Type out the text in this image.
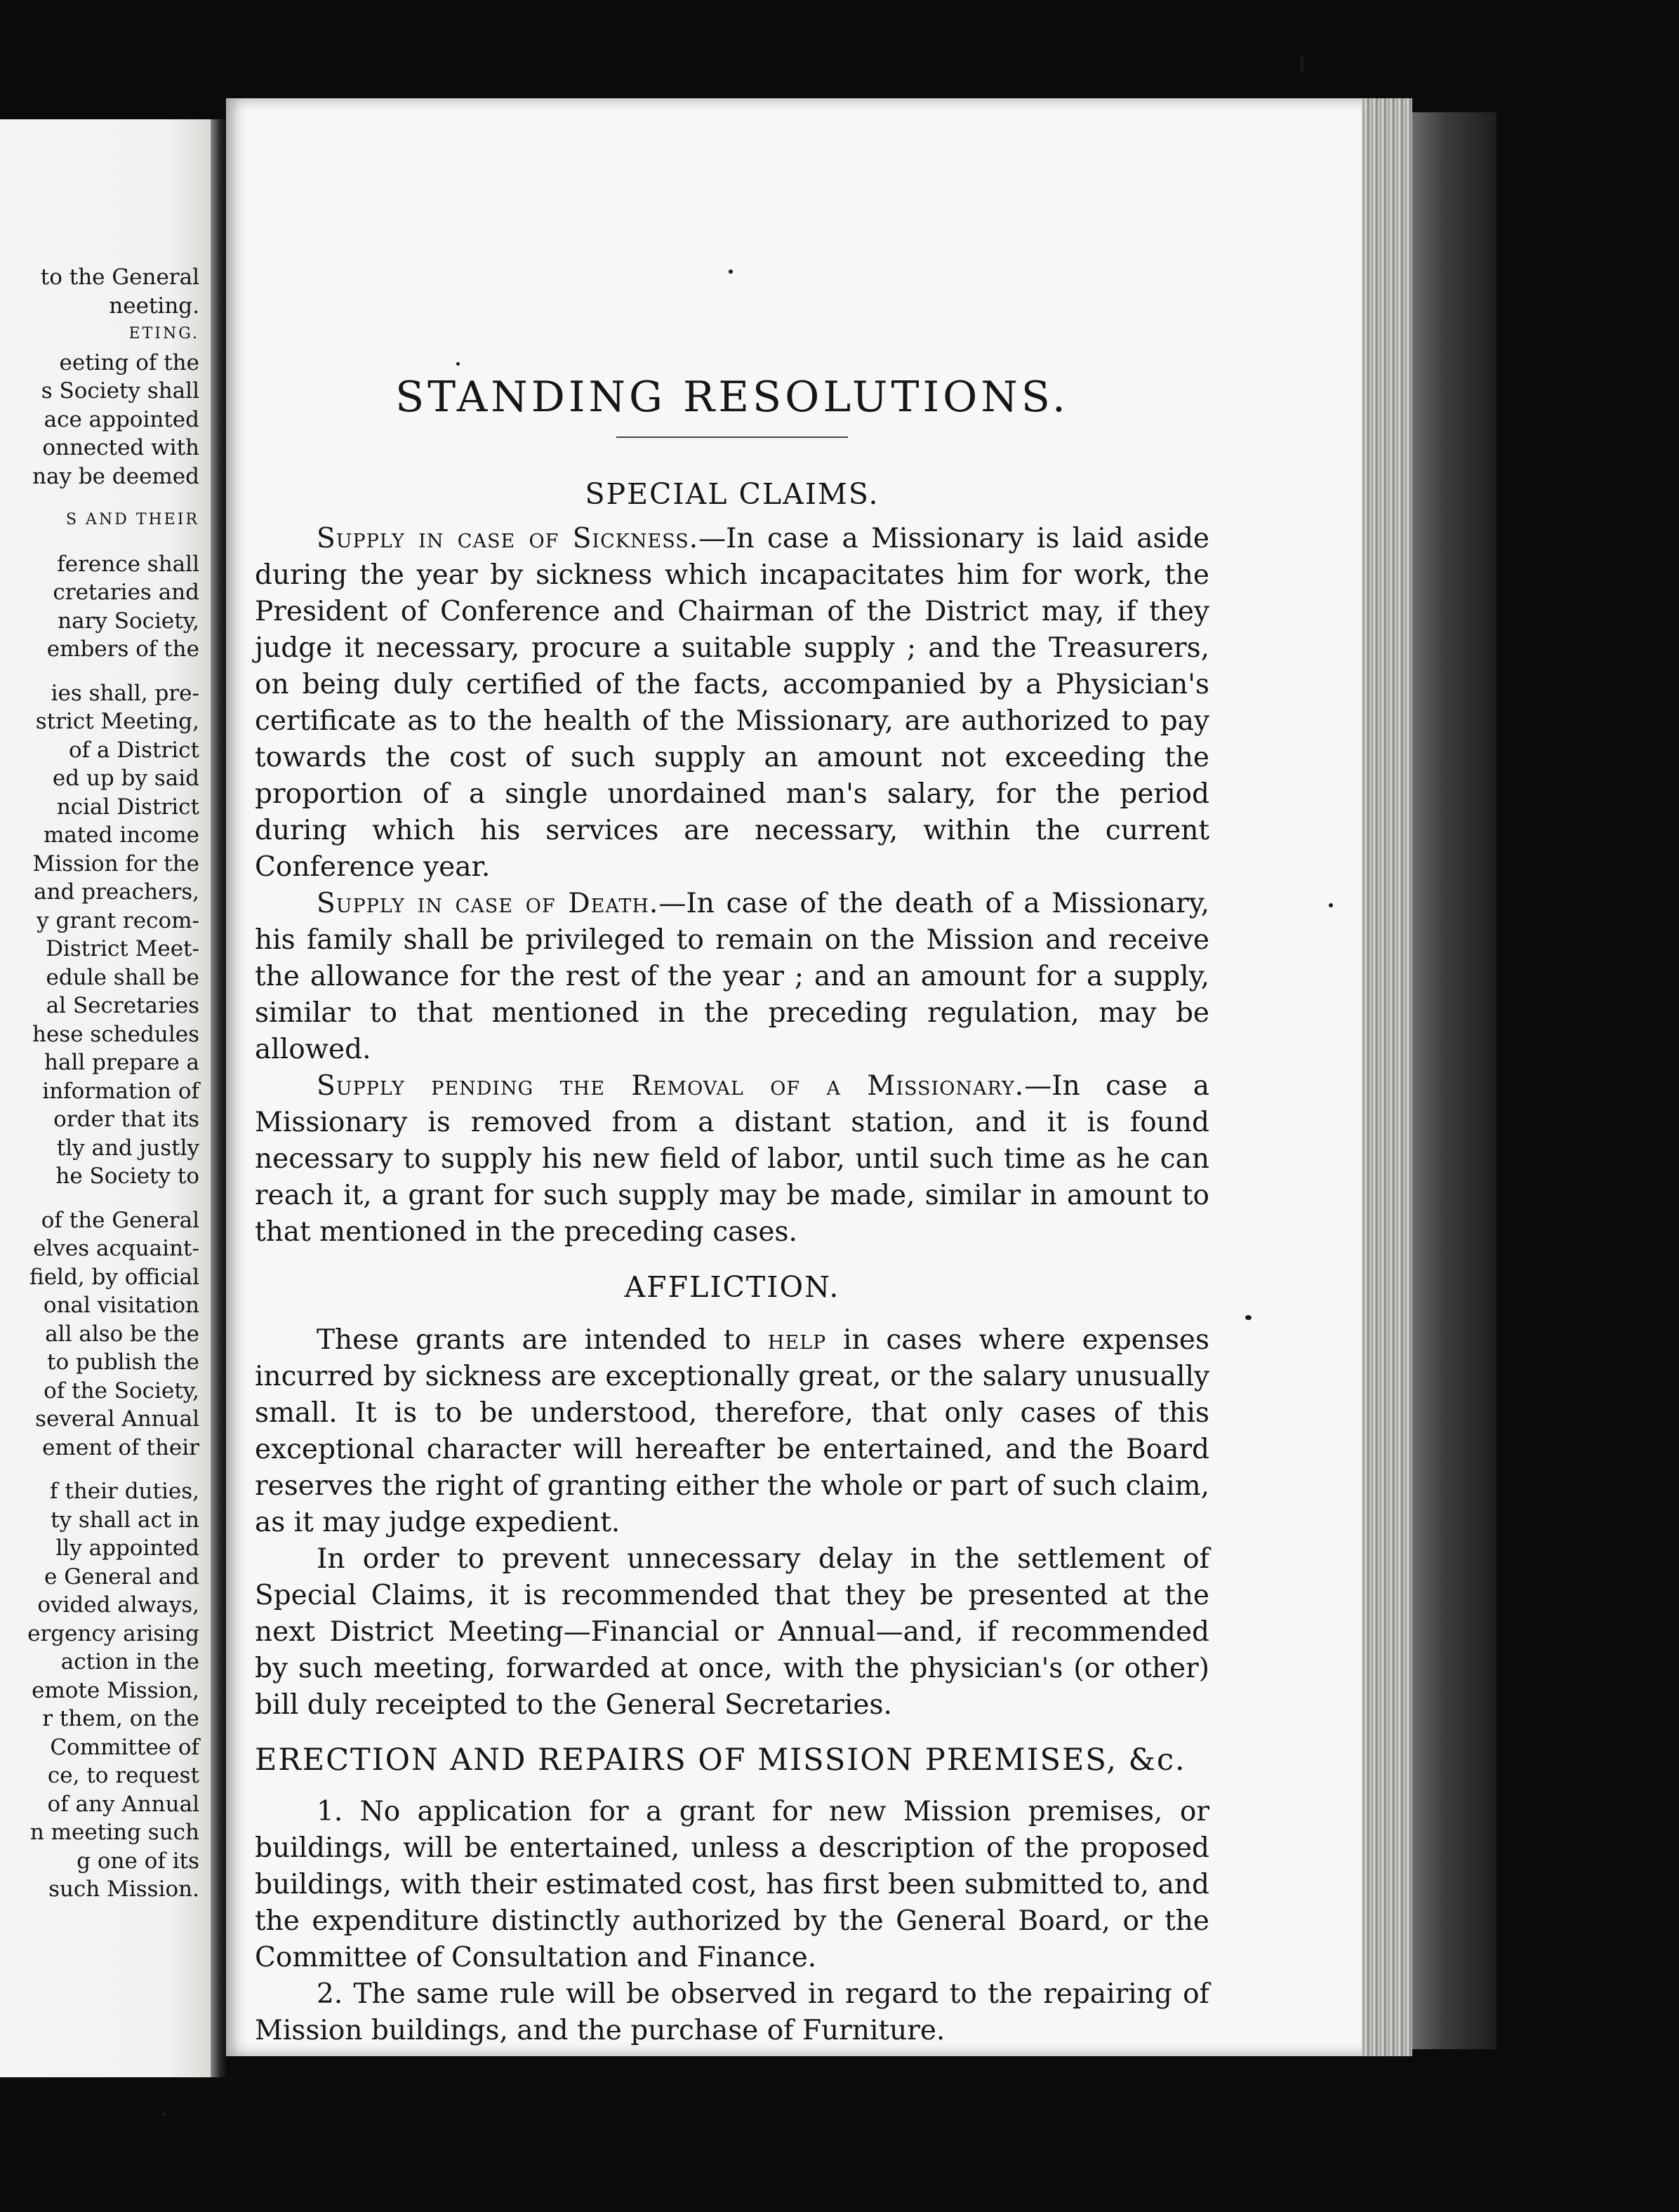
to the General
neeting.
ETING.
eeting of the
s Society shall
ace appointed
onnected with
nay be deemed
S AND THEIR
ference shall
cretaries and
nary Society,
embers of the
ies shall, pre-
strict Meeting,
of a District
ed up by said
ncial District
mated income
Mission for the
and preachers,
y grant recom-
District Meet-
edule shall be
al Secretaries
hese schedules
hall prepare a
information of
order that its
tly and justly
he Society to
of the General
elves acquaint-
field, by official
onal visitation
all also be the
to publish the
of the Society,
several Annual
ement of their
f their duties,
ty shall act in
lly appointed
e General and
ovided always,
ergency arising
action in the
emote Mission,
r them, on the
Committee of
ce, to request
of any Annual
n meeting such
g one of its
such Mission.
STANDING RESOLUTIONS.
SPECIAL CLAIMS.

Supply in case of Sickness.—In case a Missionary is laid aside during the year by sickness which incapacitates him for work, the President of Conference and Chairman of the District may, if they judge it necessary, procure a suitable supply ; and the Treasurers, on being duly certified of the facts, accompanied by a Physician's certificate as to the health of the Missionary, are authorized to pay towards the cost of such supply an amount not exceeding the proportion of a single unordained man's salary, for the period during which his services are necessary, within the current Conference year.

Supply in case of Death.—In case of the death of a Missionary, his family shall be privileged to remain on the Mission and receive the allowance for the rest of the year ; and an amount for a supply, similar to that mentioned in the preceding regulation, may be allowed.

Supply pending the Removal of a Missionary.—In case a Missionary is removed from a distant station, and it is found necessary to supply his new field of labor, until such time as he can reach it, a grant for such supply may be made, similar in amount to that mentioned in the preceding cases.

AFFLICTION.

These grants are intended to help in cases where expenses incurred by sickness are exceptionally great, or the salary unusually small. It is to be understood, therefore, that only cases of this exceptional character will hereafter be entertained, and the Board reserves the right of granting either the whole or part of such claim, as it may judge expedient.

In order to prevent unnecessary delay in the settlement of Special Claims, it is recommended that they be presented at the next District Meeting—Financial or Annual—and, if recommended by such meeting, forwarded at once, with the physician's (or other) bill duly receipted to the General Secretaries.

ERECTION AND REPAIRS OF MISSION PREMISES, &c.

1. No application for a grant for new Mission premises, or buildings, will be entertained, unless a description of the proposed buildings, with their estimated cost, has first been submitted to, and the expenditure distinctly authorized by the General Board, or the Committee of Consultation and Finance.

2. The same rule will be observed in regard to the repairing of Mission buildings, and the purchase of Furniture.
